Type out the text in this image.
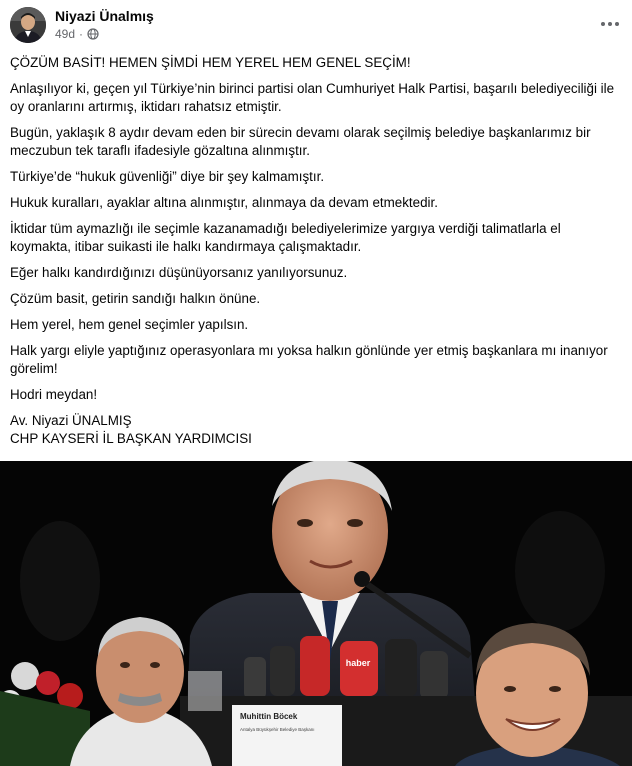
Niyazi Ünalmış
49d ·

ÇÖZÜM BASİT! HEMEN ŞİMDİ HEM YEREL HEM GENEL SEÇİM!

Anlaşılıyor ki, geçen yıl Türkiye’nin birinci partisi olan Cumhuriyet Halk Partisi, başarılı belediyeciliği ile oy oranlarını artırmış, iktidarı rahatsız etmiştir.

Bugün, yaklaşık 8 aydır devam eden bir sürecin devamı olarak seçilmiş belediye başkanlarımız bir meczubun tek taraflı ifadesiyle gözaltına alınmıştır.

Türkiye’de “hukuk güvenliği” diye bir şey kalmamıştır.

Hukuk kuralları, ayaklar altına alınmıştır, alınmaya da devam etmektedir.

İktidar tüm aymazlığı ile seçimle kazanamadığı belediyelerimize yargıya verdiği talimatlarla el koymakta, itibar suikasti ile halkı kandırmaya çalışmaktadır.

Eğer halkı kandırdığınızı düşünüyorsanız yanılıyorsunuz.

Çözüm basit, getirin sandığı halkın önüne.

Hem yerel, hem genel seçimler yapılsın.

Halk yargı eliyle yaptığınız operasyonlara mı yoksa halkın gönlünde yer etmiş başkanlara mı inanıyor görelim!

Hodri meydan!

Av. Niyazi ÜNALMIŞ

CHP KAYSERİ İL BAŞKAN YARDIMCISI

haber
Muhittin Böcek
Antalya Büyükşehir Belediye Başkanı
